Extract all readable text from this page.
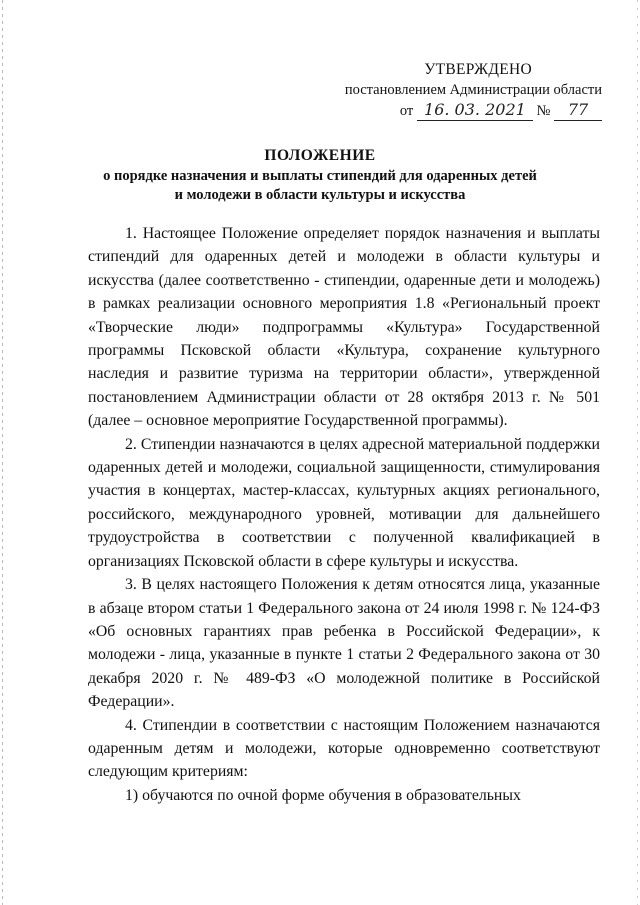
УТВЕРЖДЕНО
постановлением Администрации области
от 16. 03. 2021 № 77
ПОЛОЖЕНИЕ
о порядке назначения и выплаты стипендий для одаренных детей
и молодежи в области культуры и искусства

1. Настоящее Положение определяет порядок назначения и выплаты стипендий для одаренных детей и молодежи в области культуры и искусства (далее соответственно - стипендии, одаренные дети и молодежь) в рамках реализации основного мероприятия 1.8 «Региональный проект «Творческие люди» подпрограммы «Культура» Государственной программы Псковской области «Культура, сохранение культурного наследия и развитие туризма на территории области», утвержденной постановлением Администрации области от 28 октября 2013 г. № 501 (далее – основное мероприятие Государственной программы).

2. Стипендии назначаются в целях адресной материальной поддержки одаренных детей и молодежи, социальной защищенности, стимулирования участия в концертах, мастер-классах, культурных акциях регионального, российского, международного уровней, мотивации для дальнейшего трудоустройства в соответствии с полученной квалификацией в организациях Псковской области в сфере культуры и искусства.

3. В целях настоящего Положения к детям относятся лица, указанные в абзаце втором статьи 1 Федерального закона от 24 июля 1998 г. № 124-ФЗ «Об основных гарантиях прав ребенка в Российской Федерации», к молодежи - лица, указанные в пункте 1 статьи 2 Федерального закона от 30 декабря 2020 г. № 489-ФЗ «О молодежной политике в Российской Федерации».

4. Стипендии в соответствии с настоящим Положением назначаются одаренным детям и молодежи, которые одновременно соответствуют следующим критериям:

1) обучаются по очной форме обучения в образовательных
